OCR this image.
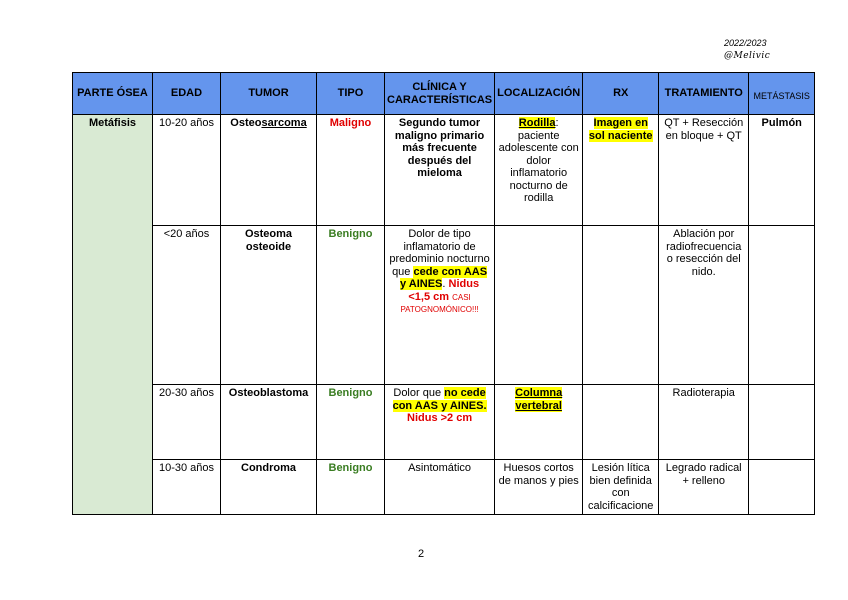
2022/2023
@Melivic
PARTE ÓSEA	EDAD	TUMOR	TIPO	CLÍNICA Y CARACTERÍSTICAS	LOCALIZACIÓN	RX	TRATAMIENTO	METÁSTASIS
Metáfisis	10-20 años	Osteosarcoma	Maligno	Segundo tumor maligno primario más frecuente después del mieloma	Rodilla: paciente adolescente con dolor inflamatorio nocturno de rodilla	Imagen en sol naciente	QT + Resección en bloque + QT	Pulmón
	<20 años	Osteoma osteoide	Benigno	Dolor de tipo inflamatorio de predominio nocturno que cede con AAS y AINES. Nidus <1,5 cm CASI PATOGNOMÓNICO!!!			Ablación por radiofrecuencia o resección del nido.	
	20-30 años	Osteoblastoma	Benigno	Dolor que no cede con AAS y AINES. Nidus >2 cm	Columna vertebral		Radioterapia	
	10-30 años	Condroma	Benigno	Asintomático	Huesos cortos de manos y pies	Lesión lítica bien definida con calcificacione	Legrado radical + relleno	
2
